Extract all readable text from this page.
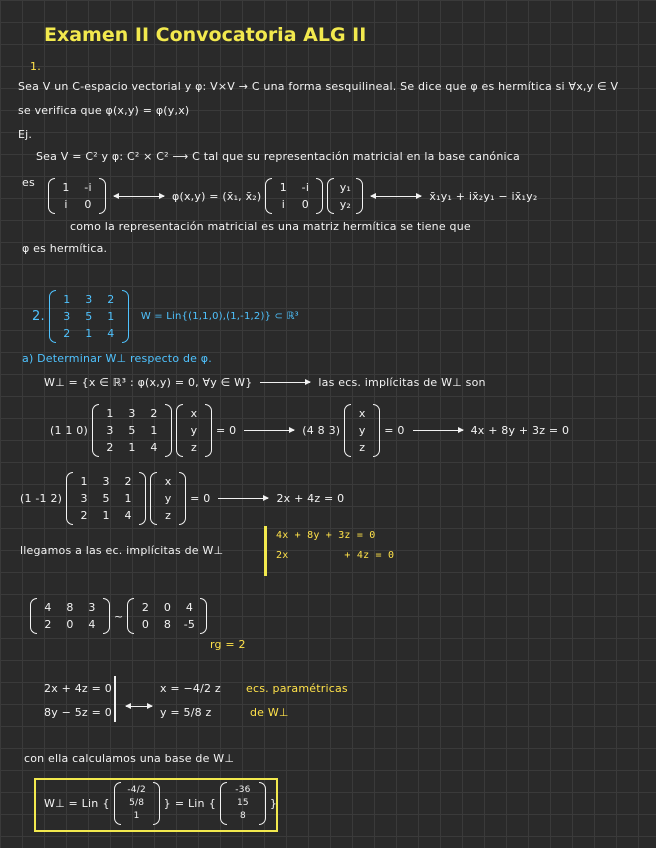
Examen II Convocatoria ALG II
1.
Sea V un C-espacio vectorial y φ: V×V → C una forma sesquilineal. Se dice que φ es hermítica si ∀x,y ∈ V
se verifica que φ(x,y) = φ(y,x)
Ej.
Sea V = C² y φ: C² × C² ⟶ C tal que su representación matricial en la base canónica
es	1	-i
i	0
φ(x,y) = (x̄₁, x̄₂)
1	-i
i	0
y₁
y₂
x̄₁y₁ + ix̄₂y₁ − ix̄₁y₂
como la representación matricial es una matriz hermítica se tiene que
φ es hermítica.
2.
1	3	2
3	5	1
2	1	4
W = Lin{(1,1,0),(1,-1,2)} ⊂ ℝ³
a) Determinar W⊥ respecto de φ.
W⊥ = {x ∈ ℝ³ : φ(x,y) = 0, ∀y ∈ W}	las ecs. implícitas de W⊥ son
(1 1 0)
1	3	2
3	5	1
2	1	4
x
y
z
= 0	(4 8 3)
x
y
z
= 0	4x + 8y + 3z = 0
(1 -1 2)
1	3	2
3	5	1
2	1	4
x
y
z
= 0	2x + 4z = 0
llegamos a las ec. implícitas de W⊥
4x + 8y + 3z = 0
2x         + 4z = 0
4	8	3
2	0	4
~
2	0	4
0	8	-5
rg = 2
2x + 4z = 0
8y − 5z = 0
x = −4/2 z
y = 5/8 z
ecs. paramétricas
de W⊥
con ella calculamos una base de W⊥
W⊥ = Lin {
-4/2
5/8
1
} = Lin {
-36
15
8
}
